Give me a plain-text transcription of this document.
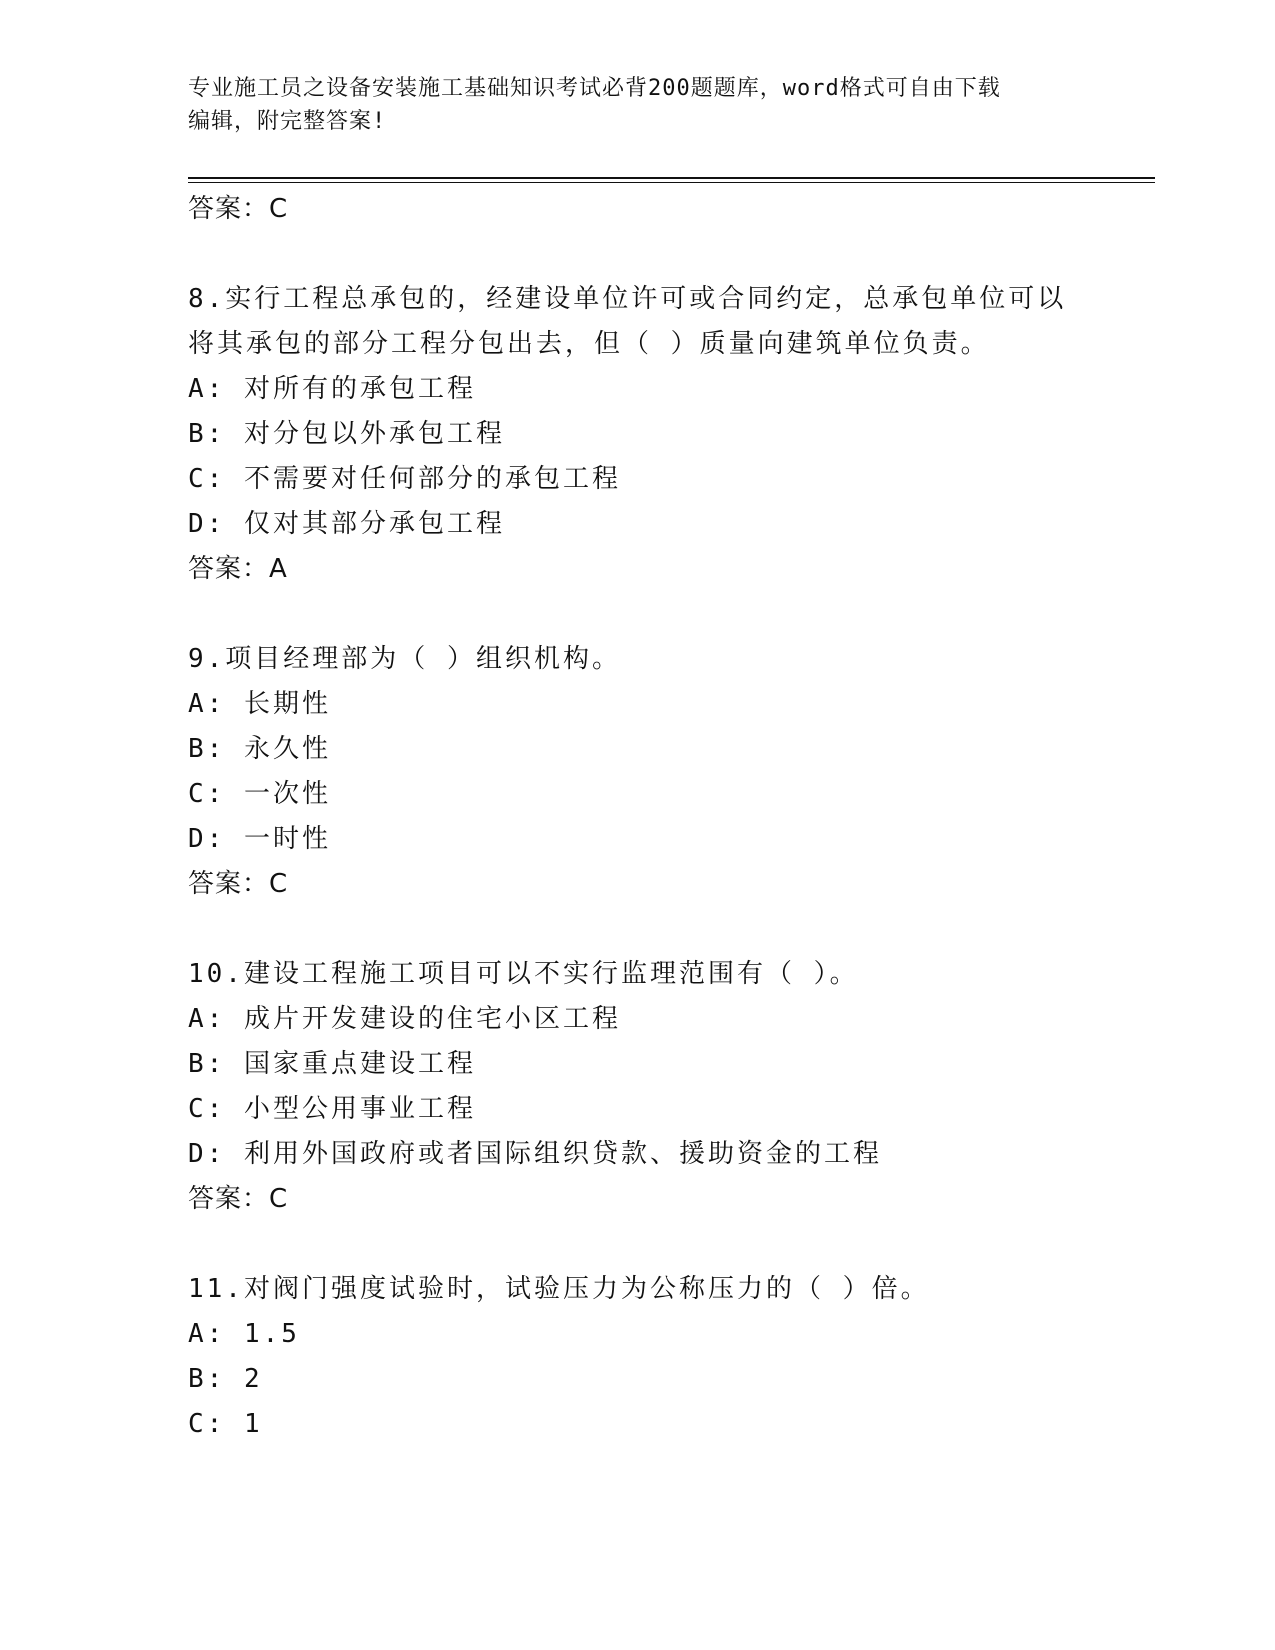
专业施工员之设备安装施工基础知识考试必背200题题库，word格式可自由下载
编辑，附完整答案!
答案：C
8.实行工程总承包的，经建设单位许可或合同约定，总承包单位可以
将其承包的部分工程分包出去，但（ ）质量向建筑单位负责。
A: 对所有的承包工程
B: 对分包以外承包工程
C: 不需要对任何部分的承包工程
D: 仅对其部分承包工程
答案：A
9.项目经理部为（ ）组织机构。
A: 长期性
B: 永久性
C: 一次性
D: 一时性
答案：C
10.建设工程施工项目可以不实行监理范围有（ ）。
A: 成片开发建设的住宅小区工程
B: 国家重点建设工程
C: 小型公用事业工程
D: 利用外国政府或者国际组织贷款、援助资金的工程
答案：C
11.对阀门强度试验时，试验压力为公称压力的（ ）倍。
A: 1.5
B: 2
C: 1
